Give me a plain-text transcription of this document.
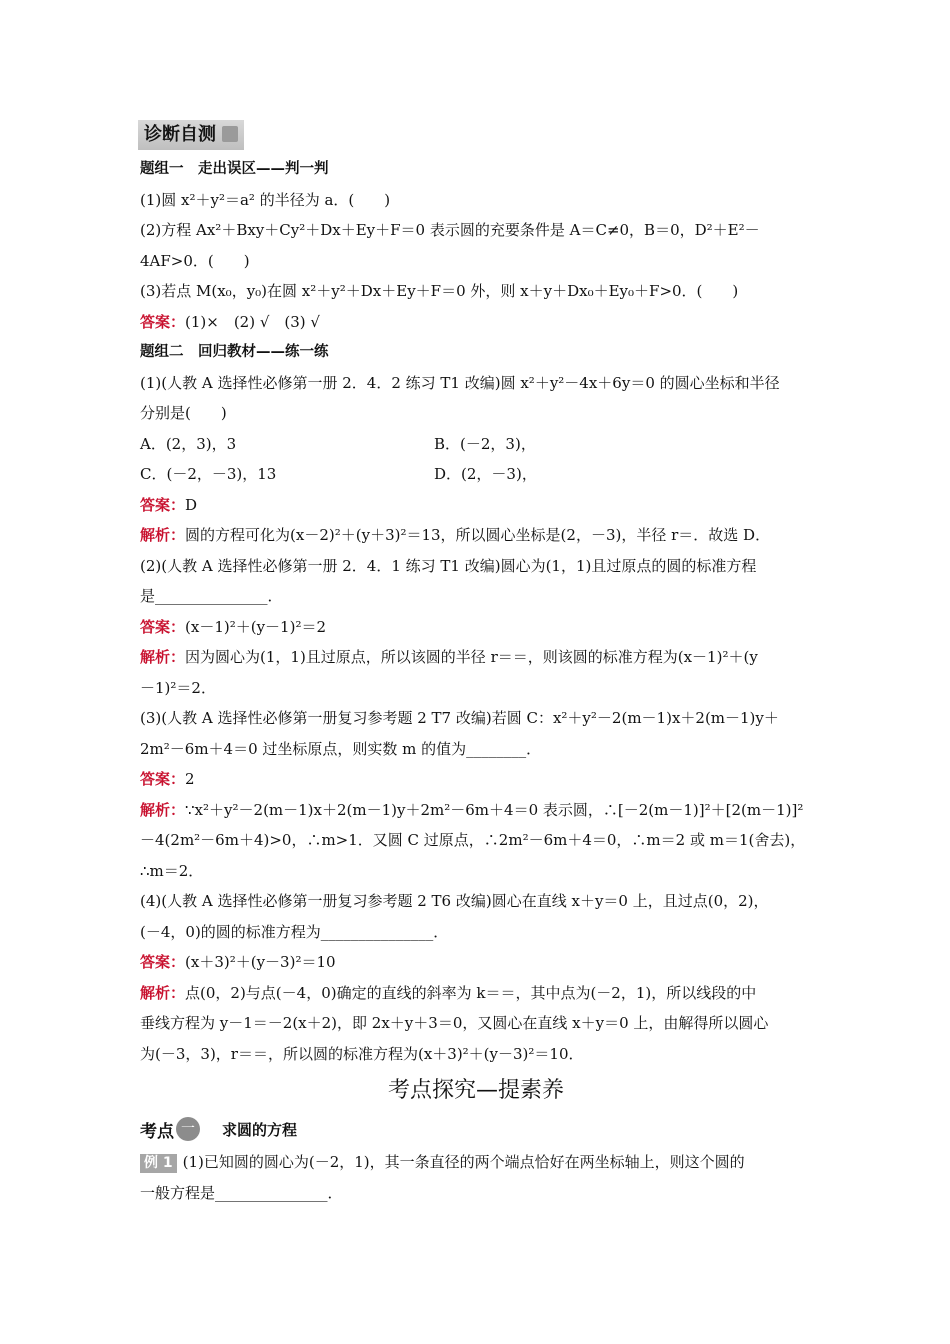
诊断自测
题组一　走出误区——判一判
(1)圆 x²＋y²＝a² 的半径为 a．(　　)
(2)方程 Ax²＋Bxy＋Cy²＋Dx＋Ey＋F＝0 表示圆的充要条件是 A＝C≠0，B＝0，D²＋E²－
4AF>0．(　　)
(3)若点 M(x₀，y₀)在圆 x²＋y²＋Dx＋Ey＋F＝0 外，则 x＋y＋Dx₀＋Ey₀＋F>0．(　　)
答案：(1)×　(2) √　(3) √
题组二　回归教材——练一练
(1)(人教 A 选择性必修第一册 2．4．2 练习 T1 改编)圆 x²＋y²－4x＋6y＝0 的圆心坐标和半径
分别是(　　)
A．(2，3)，3	B．(－2，3)，
C．(－2，－3)，13	D．(2，－3)，
答案：D
解析：圆的方程可化为(x－2)²＋(y＋3)²＝13，所以圆心坐标是(2，－3)，半径 r＝．故选 D．
(2)(人教 A 选择性必修第一册 2．4．1 练习 T1 改编)圆心为(1，1)且过原点的圆的标准方程
是_______________．
答案：(x－1)²＋(y－1)²＝2
解析：因为圆心为(1，1)且过原点，所以该圆的半径 r＝＝，则该圆的标准方程为(x－1)²＋(y
－1)²＝2．
(3)(人教 A 选择性必修第一册复习参考题 2 T7 改编)若圆 C：x²＋y²－2(m－1)x＋2(m－1)y＋
2m²－6m＋4＝0 过坐标原点，则实数 m 的值为________．
答案：2
解析：∵x²＋y²－2(m－1)x＋2(m－1)y＋2m²－6m＋4＝0 表示圆，∴[－2(m－1)]²＋[2(m－1)]²
－4(2m²－6m＋4)>0，∴m>1．又圆 C 过原点，∴2m²－6m＋4＝0，∴m＝2 或 m＝1(舍去)，
∴m＝2．
(4)(人教 A 选择性必修第一册复习参考题 2 T6 改编)圆心在直线 x＋y＝0 上，且过点(0，2)，
(－4，0)的圆的标准方程为_______________．
答案：(x＋3)²＋(y－3)²＝10
解析：点(0，2)与点(－4，0)确定的直线的斜率为 k＝＝，其中点为(－2，1)，所以线段的中
垂线方程为 y－1＝－2(x＋2)，即 2x＋y＋3＝0，又圆心在直线 x＋y＝0 上，由解得所以圆心
为(－3，3)，r＝＝，所以圆的标准方程为(x＋3)²＋(y－3)²＝10．
考点探究—提素养
考点 一	求圆的方程
例 1 (1)已知圆的圆心为(－2，1)，其一条直径的两个端点恰好在两坐标轴上，则这个圆的
一般方程是_______________．
